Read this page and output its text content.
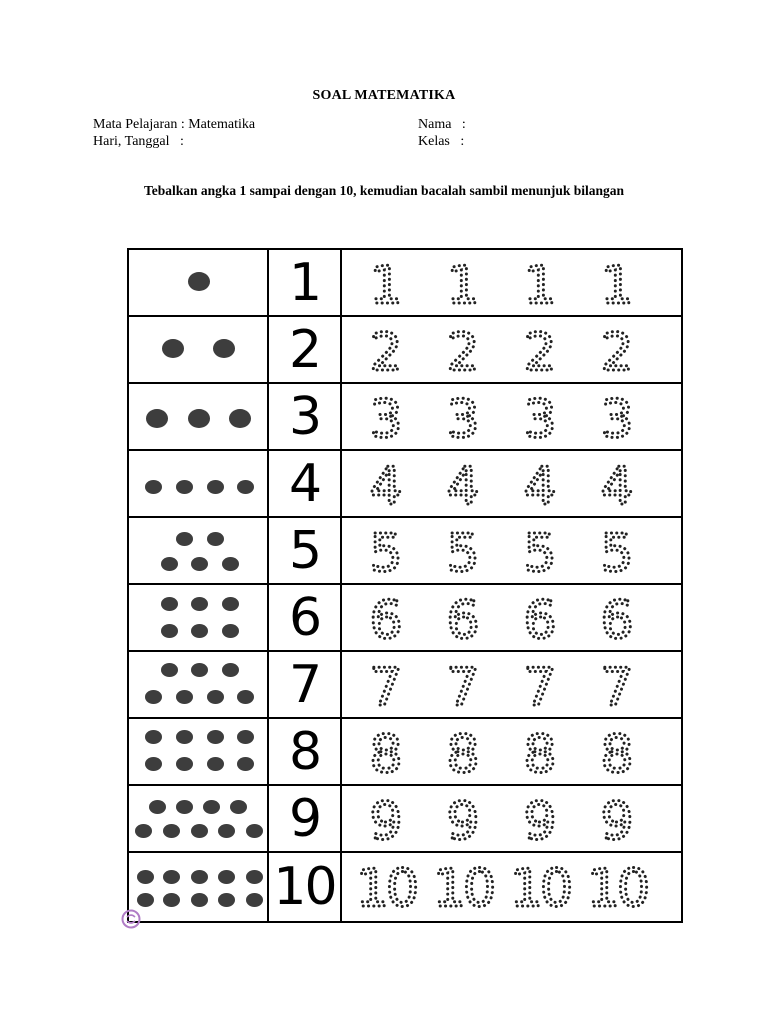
SOAL MATEMATIKA
Mata Pelajaran : Matematika
Hari, Tanggal   :
Nama   :
Kelas   :
Tebalkan angka 1 sampai dengan 10, kemudian bacalah sambil menunjuk bilangan
1 1 1 1 1
2 2 2 2 2
3 3 3 3 3
4 4 4 4 4
5 5 5 5 5
6 6 6 6 6
7 7 7 7 7
8 8 8 8 8
9 9 9 9 9
10 10 10 10 10
